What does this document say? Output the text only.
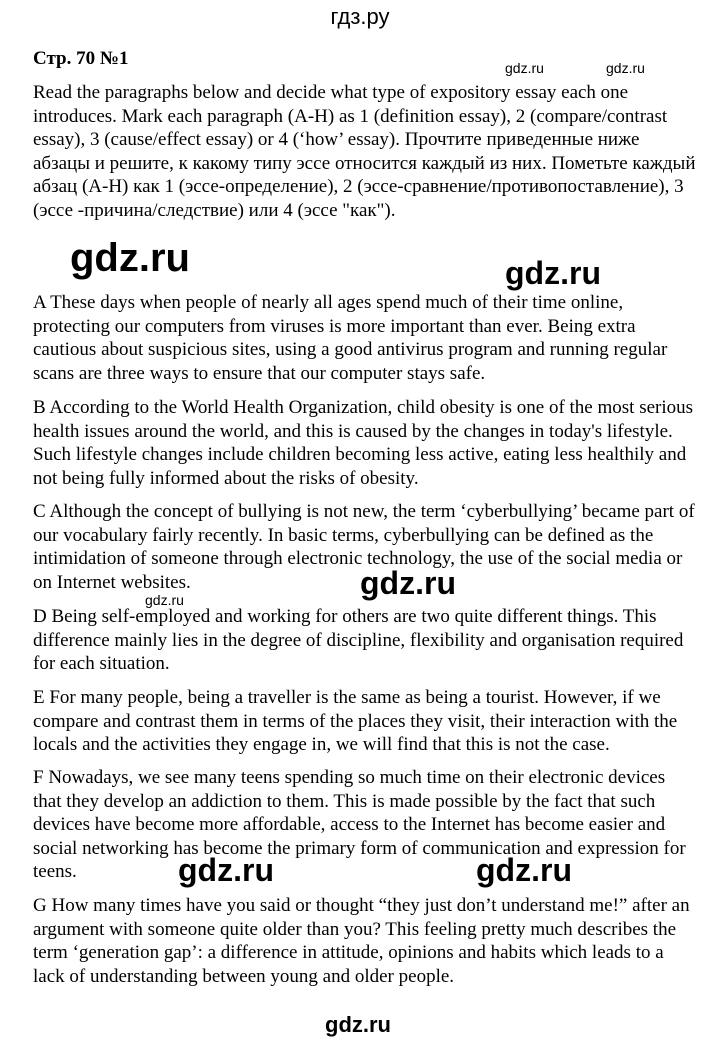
гдз.ру
Стр. 70 №1

Read the paragraphs below and decide what type of expository essay each one introduces. Mark each paragraph (A-H) as 1 (definition essay), 2 (compare/contrast essay), 3 (cause/effect essay) or 4 (‘how’ essay). Прочтите приведенные ниже абзацы и решите, к какому типу эссе относится каждый из них. Пометьте каждый абзац (A-H) как 1 (эссе-определение), 2 (эссе-сравнение/противопоставление), 3 (эссе -причина/следствие) или 4 (эссе "как").

A These days when people of nearly all ages spend much of their time online, protecting our computers from viruses is more important than ever. Being extra cautious about suspicious sites, using a good antivirus program and running regular scans are three ways to ensure that our computer stays safe.

B According to the World Health Organization, child obesity is one of the most serious health issues around the world, and this is caused by the changes in today's lifestyle. Such lifestyle changes include children becoming less active, eating less healthily and not being fully informed about the risks of obesity.

C Although the concept of bullying is not new, the term ‘cyberbullying’ became part of our vocabulary fairly recently. In basic terms, cyberbullying can be defined as the intimidation of someone through electronic technology, the use of the social media or on Internet websites.

D Being self-employed and working for others are two quite different things. This difference mainly lies in the degree of discipline, flexibility and organisation required for each situation.

E For many people, being a traveller is the same as being a tourist. However, if we compare and contrast them in terms of the places they visit, their interaction with the locals and the activities they engage in, we will find that this is not the case.

F Nowadays, we see many teens spending so much time on their electronic devices that they develop an addiction to them. This is made possible by the fact that such devices have become more affordable, access to the Internet has become easier and social networking has become the primary form of communication and expression for teens.

G How many times have you said or thought “they just don’t understand me!” after an argument with someone quite older than you? This feeling pretty much describes the term ‘generation gap’: a difference in attitude, opinions and habits which leads to a lack of understanding between young and older people.

gdz.ru	gdz.ru
gdz.ru	gdz.ru
gdz.ru
gdz.ru
gdz.ru	gdz.ru
gdz.ru
